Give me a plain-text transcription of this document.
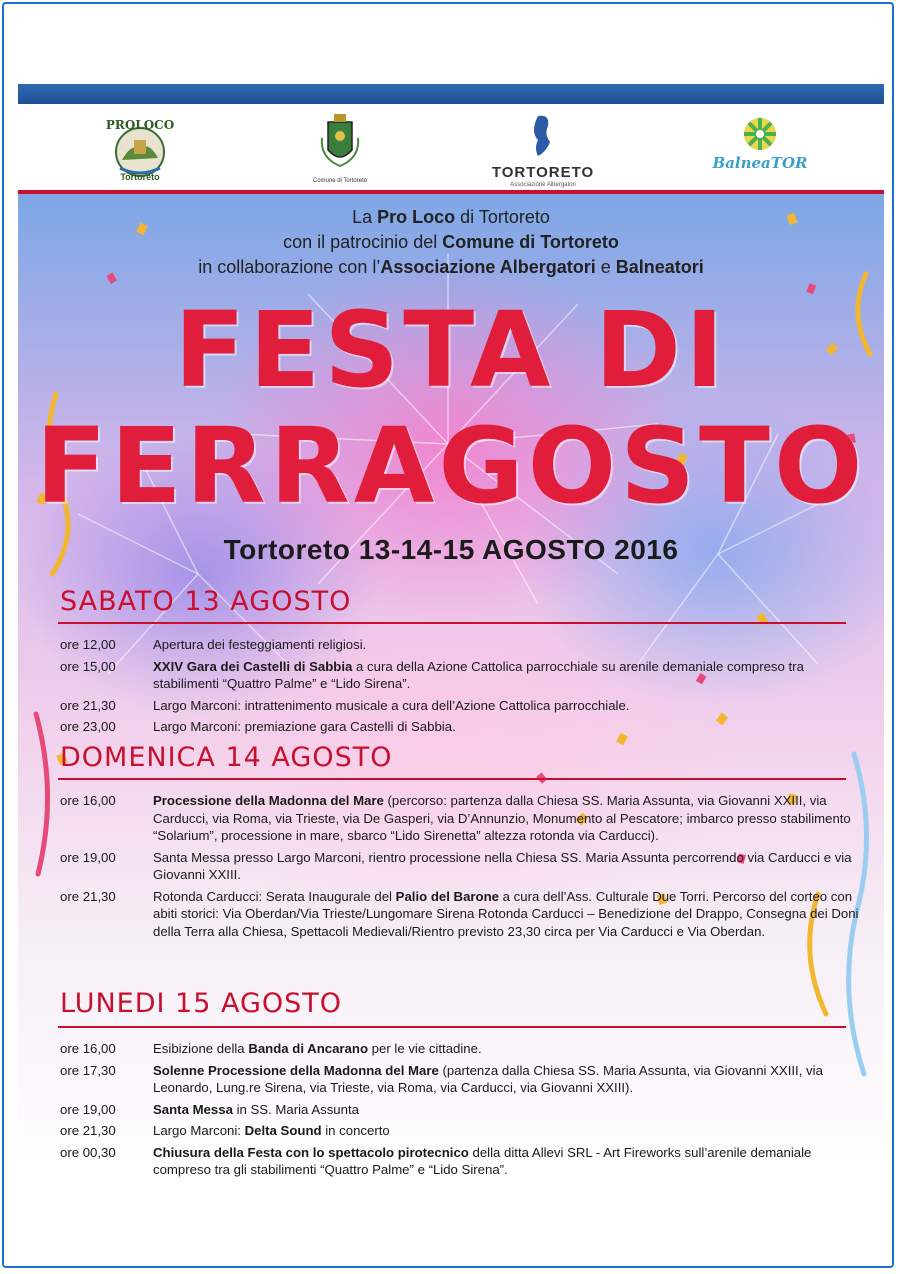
PROLOCO
Tortoreto	Comune di Tortoreto	TORTORETO
Associazione Albergatori
BalneaTOR
La Pro Loco di Tortoreto
con il patrocinio del Comune di Tortoreto
in collaborazione con l’Associazione Albergatori e Balneatori
FESTA DI
FERRAGOSTO
Tortoreto 13-14-15 AGOSTO 2016
SABATO 13 AGOSTO
ore 12,00	Apertura dei festeggiamenti religiosi.
ore 15,00	XXIV Gara dei Castelli di Sabbia a cura della Azione Cattolica parrocchiale su arenile demaniale compreso tra stabilimenti “Quattro Palme” e “Lido Sirena”.
ore 21,30	Largo Marconi: intrattenimento musicale a cura dell’Azione Cattolica parrocchiale.
ore 23,00	Largo Marconi: premiazione gara Castelli di Sabbia.
DOMENICA 14 AGOSTO
ore 16,00	Processione della Madonna del Mare (percorso: partenza dalla Chiesa SS. Maria Assunta, via Giovanni XXIII, via Carducci, via Roma, via Trieste, via De Gasperi, via D’Annunzio, Monumento al Pescatore; imbarco presso stabilimento “Solarium”, processione in mare, sbarco “Lido Sirenetta” altezza rotonda via Carducci).
ore 19,00	Santa Messa presso Largo Marconi, rientro processione nella Chiesa SS. Maria Assunta percorrendo via Carducci e via Giovanni XXIII.
ore 21,30	Rotonda Carducci: Serata Inaugurale del Palio del Barone a cura dell’Ass. Culturale Due Torri. Percorso del corteo con abiti storici: Via Oberdan/Via Trieste/Lungomare Sirena Rotonda Carducci – Benedizione del Drappo, Consegna dei Doni della Terra alla Chiesa, Spettacoli Medievali/Rientro previsto 23,30 circa per Via Carducci e Via Oberdan.
LUNEDI 15 AGOSTO
ore 16,00	Esibizione della Banda di Ancarano per le vie cittadine.
ore 17,30	Solenne Processione della Madonna del Mare (partenza dalla Chiesa SS. Maria Assunta, via Giovanni XXIII, via Leonardo, Lung.re Sirena, via Trieste, via Roma, via Carducci, via Giovanni XXIII).
ore 19,00	Santa Messa in SS. Maria Assunta
ore 21,30	Largo Marconi: Delta Sound in concerto
ore 00,30	Chiusura della Festa con lo spettacolo pirotecnico della ditta Allevi SRL - Art Fireworks sull’arenile demaniale compreso tra gli stabilimenti “Quattro Palme” e “Lido Sirena”.
